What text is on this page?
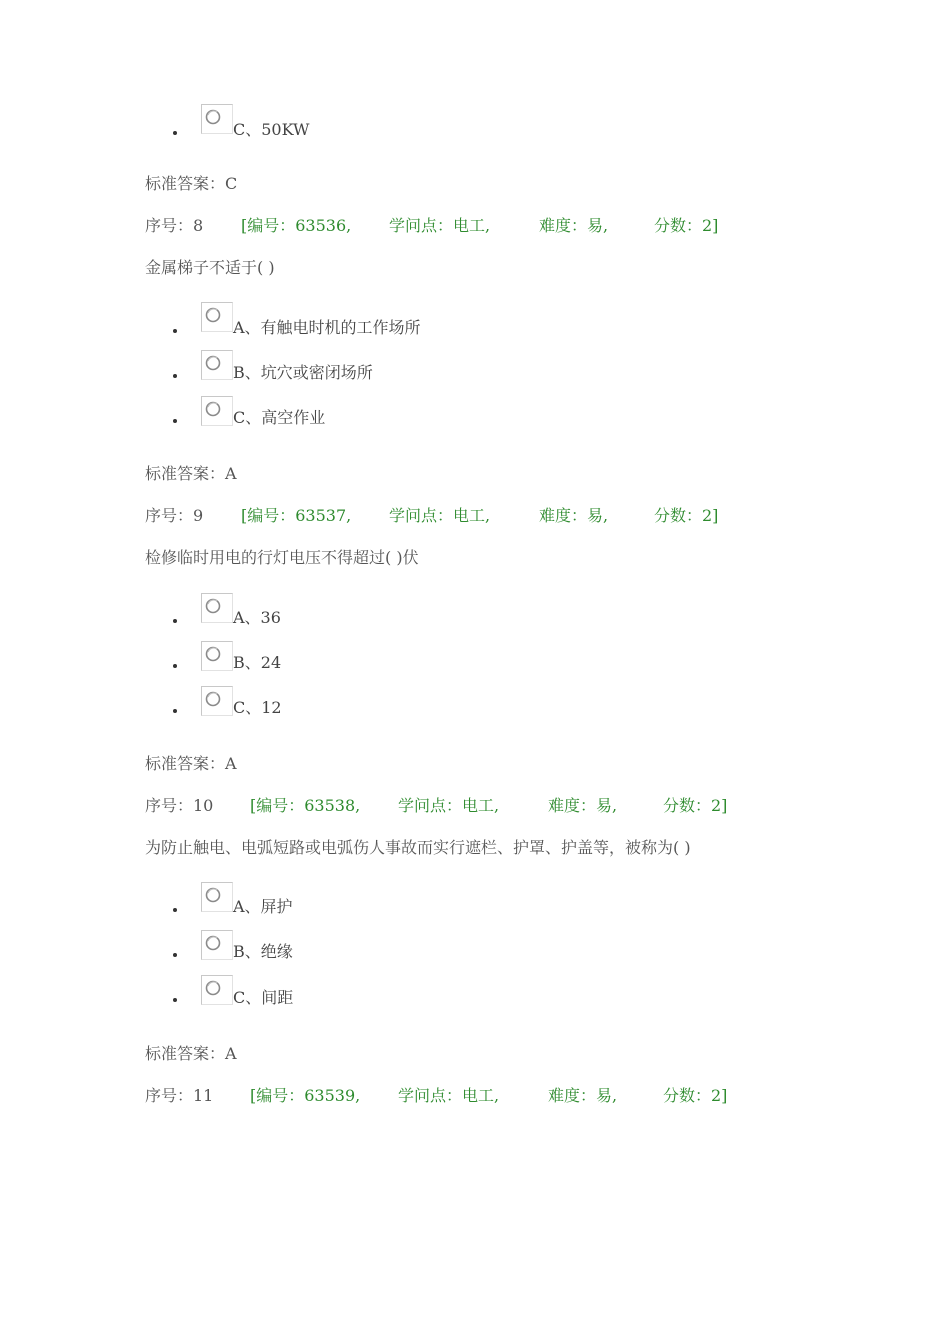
C、50KW
标准答案：C
序号：8 [编号：63536, 学问点：电工,	难度：易,	分数：2]
金属梯子不适于( )
A、有触电时机的工作场所
B、坑穴或密闭场所
C、高空作业
标准答案：A
序号：9 [编号：63537, 学问点：电工,	难度：易,	分数：2]
检修临时用电的行灯电压不得超过( )伏
A、36
B、24
C、12
标准答案：A
序号：10 [编号：63538, 学问点：电工,	难度：易,	分数：2]
为防止触电、电弧短路或电弧伤人事故而实行遮栏、护罩、护盖等，被称为( )
A、屏护
B、绝缘
C、间距
标准答案：A
序号：11 [编号：63539, 学问点：电工,	难度：易,	分数：2]
